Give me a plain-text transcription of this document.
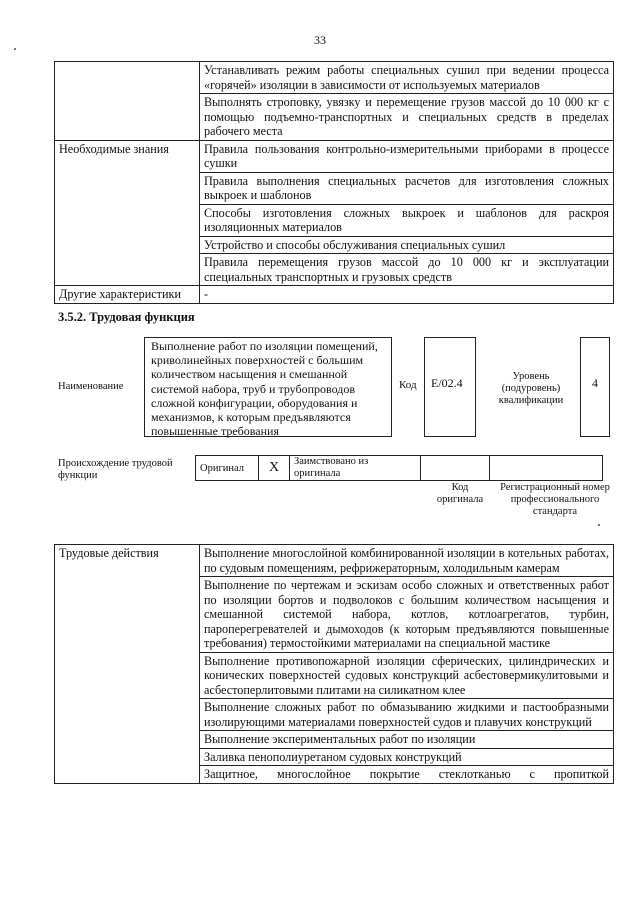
33
	Устанавливать режим работы специальных сушил при ведении процесса «горячей» изоляции в зависимости от используемых материалов
	Выполнять строповку, увязку и перемещение грузов массой до 10 000 кг с помощью подъемно-транспортных и специальных средств в пределах рабочего места
Необходимые знания	Правила пользования контрольно-измерительными приборами в процессе сушки
	Правила выполнения специальных расчетов для изготовления сложных выкроек и шаблонов
	Способы изготовления сложных выкроек и шаблонов для раскроя изоляционных материалов
	Устройство и способы обслуживания специальных сушил
	Правила перемещения грузов массой до 10 000 кг и эксплуатации специальных транспортных и грузовых средств
Другие характеристики	-
3.5.2. Трудовая функция
Наименование
Выполнение работ по изоляции помещений, криволинейных поверхностей с большим количеством насыщения и смешанной системой набора, труб и трубопроводов сложной конфигурации, оборудования и механизмов, к которым предъявляются повышенные требования
Код	E/02.4	Уровень (подуровень) квалификации
4
Происхождение трудовой функции
Оригинал	X	Заимствовано из оригинала		
Код оригинала
Регистрационный номер профессионального стандарта
Трудовые действия	Выполнение многослойной комбинированной изоляции в котельных работах, по судовым помещениям, рефрижераторным, холодильным камерам
Выполнение по чертежам и эскизам особо сложных и ответственных работ по изоляции бортов и подволоков с большим количеством насыщения и смешанной системой набора, котлов, котлоагрегатов, турбин, пароперегревателей и дымоходов (к которым предъявляются повышенные требования) термостойкими материалами на специальной мастике
Выполнение противопожарной изоляции сферических, цилиндрических и конических поверхностей судовых конструкций асбестовермикулитовыми и асбестоперлитовыми плитами на силикатном клее
Выполнение сложных работ по обмазыванию жидкими и пастообразными изолирующими материалами поверхностей судов и плавучих конструкций
Выполнение экспериментальных работ по изоляции
Заливка пенополиуретаном судовых конструкций
Защитное, многослойное покрытие стеклотканью с пропиткой
